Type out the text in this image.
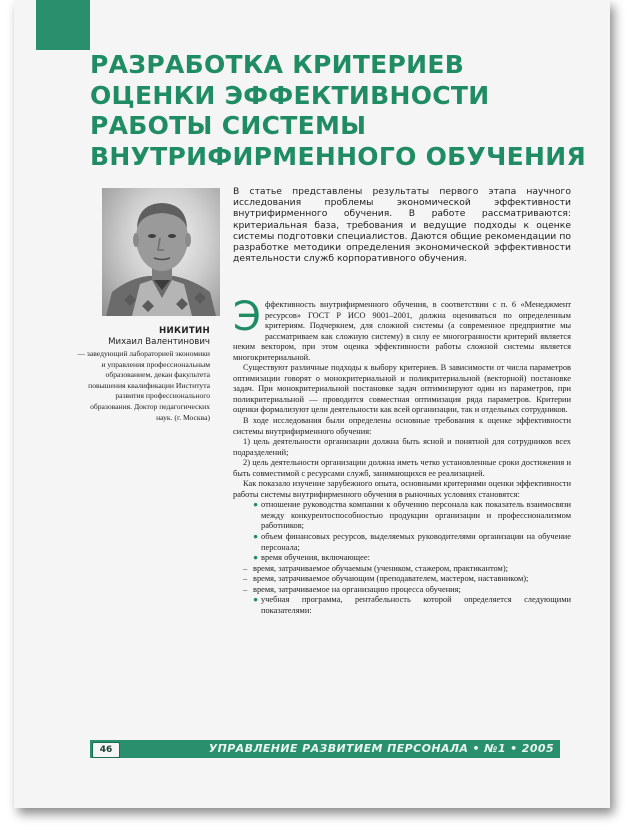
РАЗРАБОТКА КРИТЕРИЕВ
ОЦЕНКИ ЭФФЕКТИВНОСТИ
РАБОТЫ СИСТЕМЫ
ВНУТРИФИРМЕННОГО ОБУЧЕНИЯ
НИКИТИН
Михаил Валентинович
— заведующий лабораторией экономики и управления профессиональным образованием, декан факультета повышения квалификации Института развития профессионального образования. Доктор педагогических наук. (г. Москва)

В статье представлены результаты первого этапа научного исследования проблемы экономической эффективности внутрифирменного обучения. В работе рассматриваются: критериальная база, требования и ведущие подходы к оценке системы подготовки специалистов. Даются общие рекомендации по разработке методики определения экономической эффективности деятельности служб корпоративного обучения.

Эффективность внутрифирменного обучения, в соответствии с п. 6 «Менеджмент ресурсов» ГОСТ Р ИСО 9001–2001, должна оцениваться по определенным критериям. Подчеркнем, для сложной системы (а современное предприятие мы рассматриваем как сложную систему) в силу ее многогранности критерий является неким вектором, при этом оценка эффективности работы сложной системы является многокритериальной.

Существуют различные подходы к выбору критериев. В зависимости от числа параметров оптимизации говорят о монокритериальной и поликритериальной (векторной) постановке задач. При монокритериальной постановке задач оптимизируют один из параметров, при поликритериальной — проводится совместная оптимизация ряда параметров. Критерии оценки формализуют цели деятельности как всей организации, так и отдельных сотрудников.

В ходе исследования были определены основные требования к оценке эффективности системы внутрифирменного обучения:

1) цель деятельности организации должна быть ясной и понятной для сотрудников всех подразделений;

2) цель деятельности организации должна иметь четко установленные сроки достижения и быть совместимой с ресурсами служб, занимающихся ее реализацией.

Как показало изучение зарубежного опыта, основными критериями оценки эффективности работы системы внутрифирменного обучения в рыночных условиях становятся:

● отношение руководства компании к обучению персонала как показатель взаимосвязи между конкурентоспособностью продукции организации и профессионализмом работников;
● объем финансовых ресурсов, выделяемых руководителями организации на обучение персонала;
● время обучения, включающее:
– время, затрачиваемое обучаемым (учеником, стажером, практикантом);
– время, затрачиваемое обучающим (преподавателем, мастером, наставником);
– время, затрачиваемое на организацию процесса обучения;
● учебная программа, рентабельность которой определяется следующими показателями:
46	УПРАВЛЕНИЕ РАЗВИТИЕМ ПЕРСОНАЛА • №1 • 2005
